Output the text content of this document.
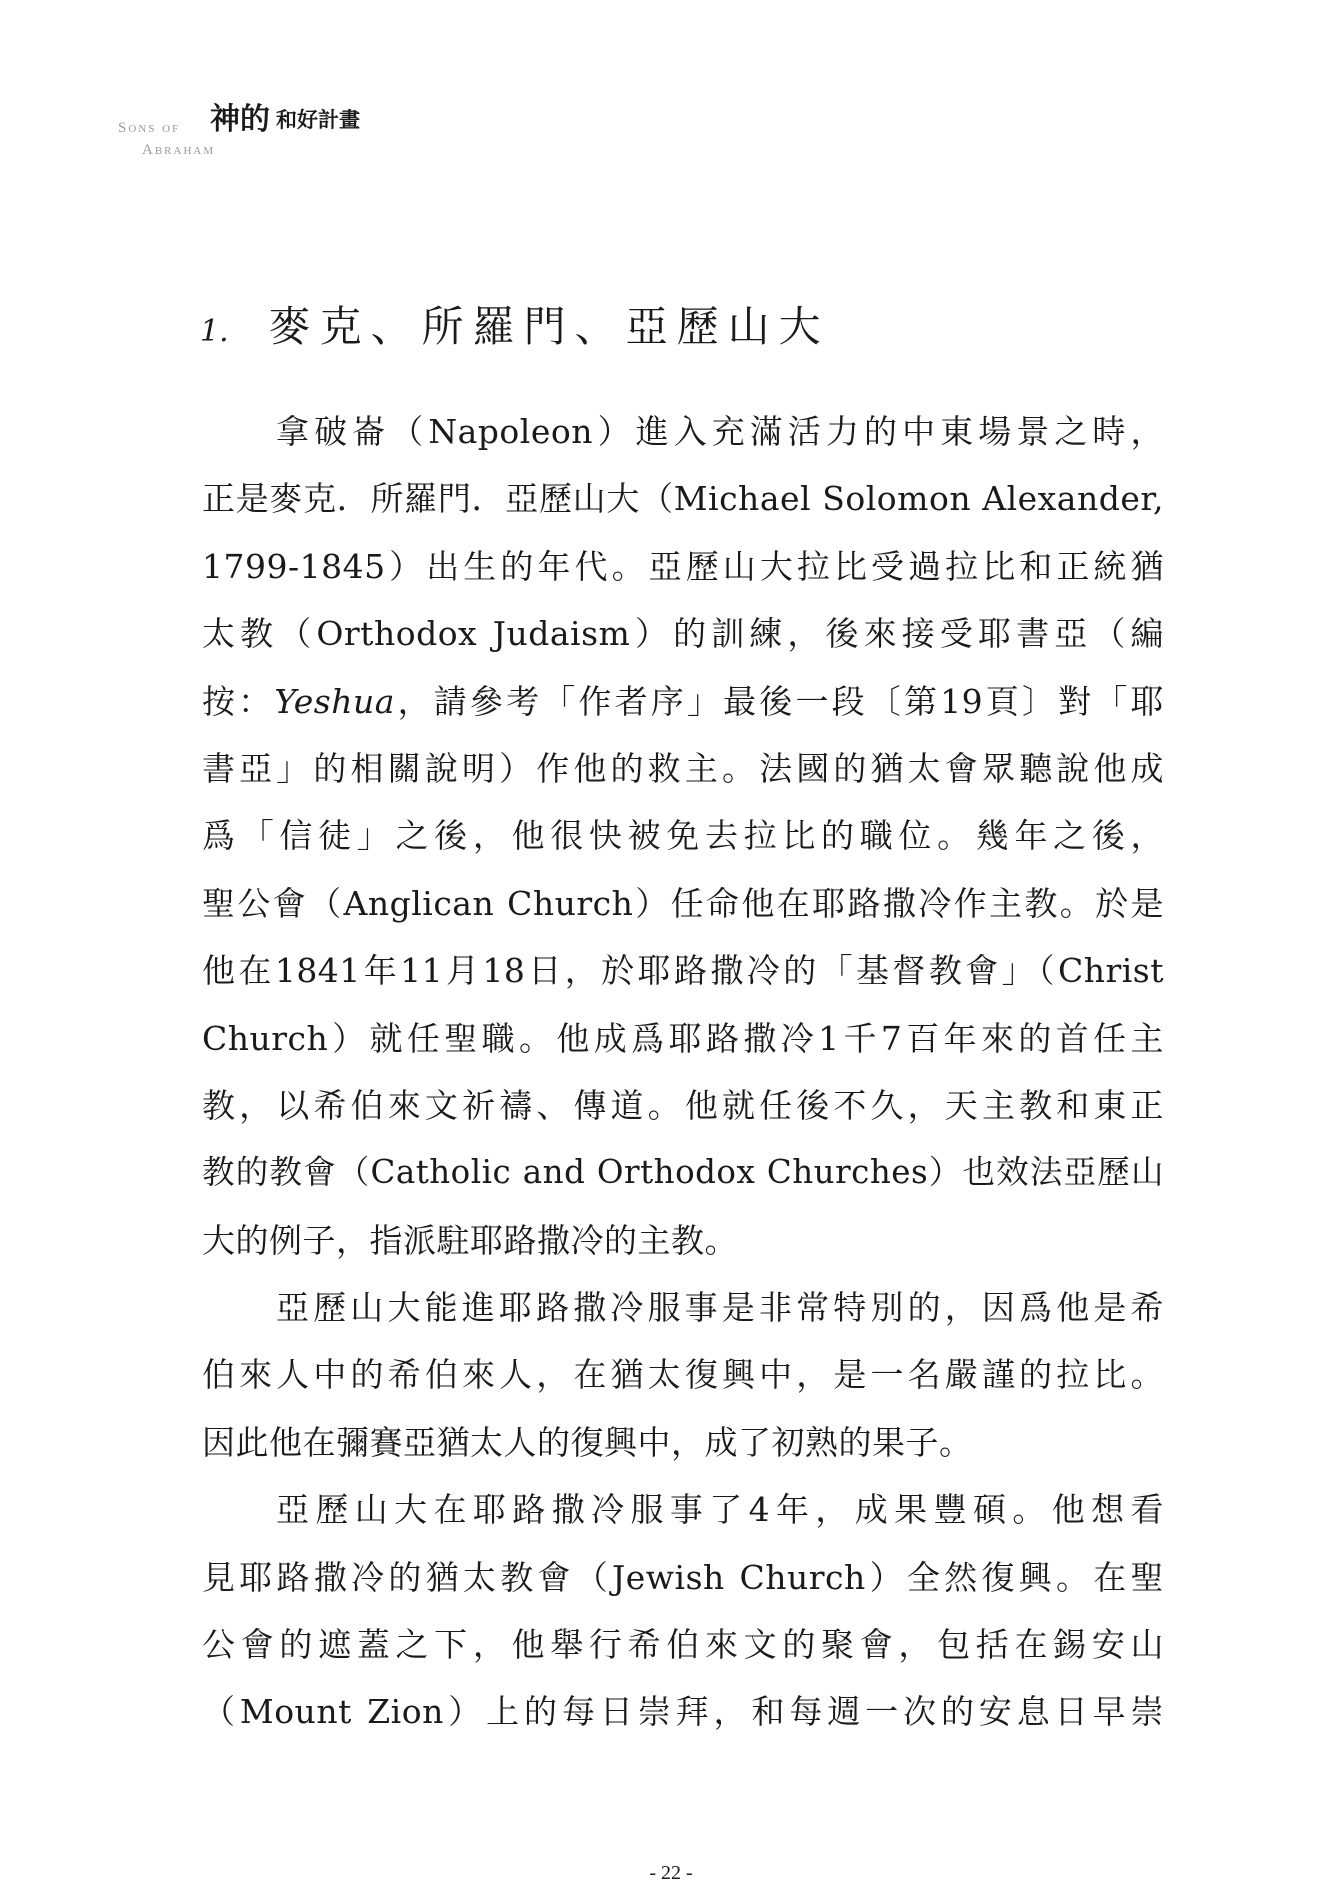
Sons of
Abraham
神的 和好計畫
1. 麥克、所羅門、亞歷山大
拿破崙（Napoleon）進入充滿活力的中東場景之時，
正是麥克．所羅門．亞歷山大（Michael Solomon Alexander,
1799-1845）出生的年代。亞歷山大拉比受過拉比和正統猶
太教（Orthodox Judaism）的訓練，後來接受耶書亞（編
按：Yeshua，請參考「作者序」最後一段〔第19頁〕對「耶
書亞」的相關說明）作他的救主。法國的猶太會眾聽說他成
爲「信徒」之後，他很快被免去拉比的職位。幾年之後，
聖公會（Anglican Church）任命他在耶路撒冷作主教。於是
他在1841年11月18日，於耶路撒冷的「基督教會」（Christ
Church）就任聖職。他成爲耶路撒冷1千7百年來的首任主
教，以希伯來文祈禱、傳道。他就任後不久，天主教和東正
教的教會（Catholic and Orthodox Churches）也效法亞歷山
大的例子，指派駐耶路撒冷的主教。
亞歷山大能進耶路撒冷服事是非常特別的，因爲他是希
伯來人中的希伯來人，在猶太復興中，是一名嚴謹的拉比。
因此他在彌賽亞猶太人的復興中，成了初熟的果子。
亞歷山大在耶路撒冷服事了4年，成果豐碩。他想看
見耶路撒冷的猶太教會（Jewish Church）全然復興。在聖
公會的遮蓋之下，他舉行希伯來文的聚會，包括在錫安山
（Mount Zion）上的每日崇拜，和每週一次的安息日早崇
- 22 -
